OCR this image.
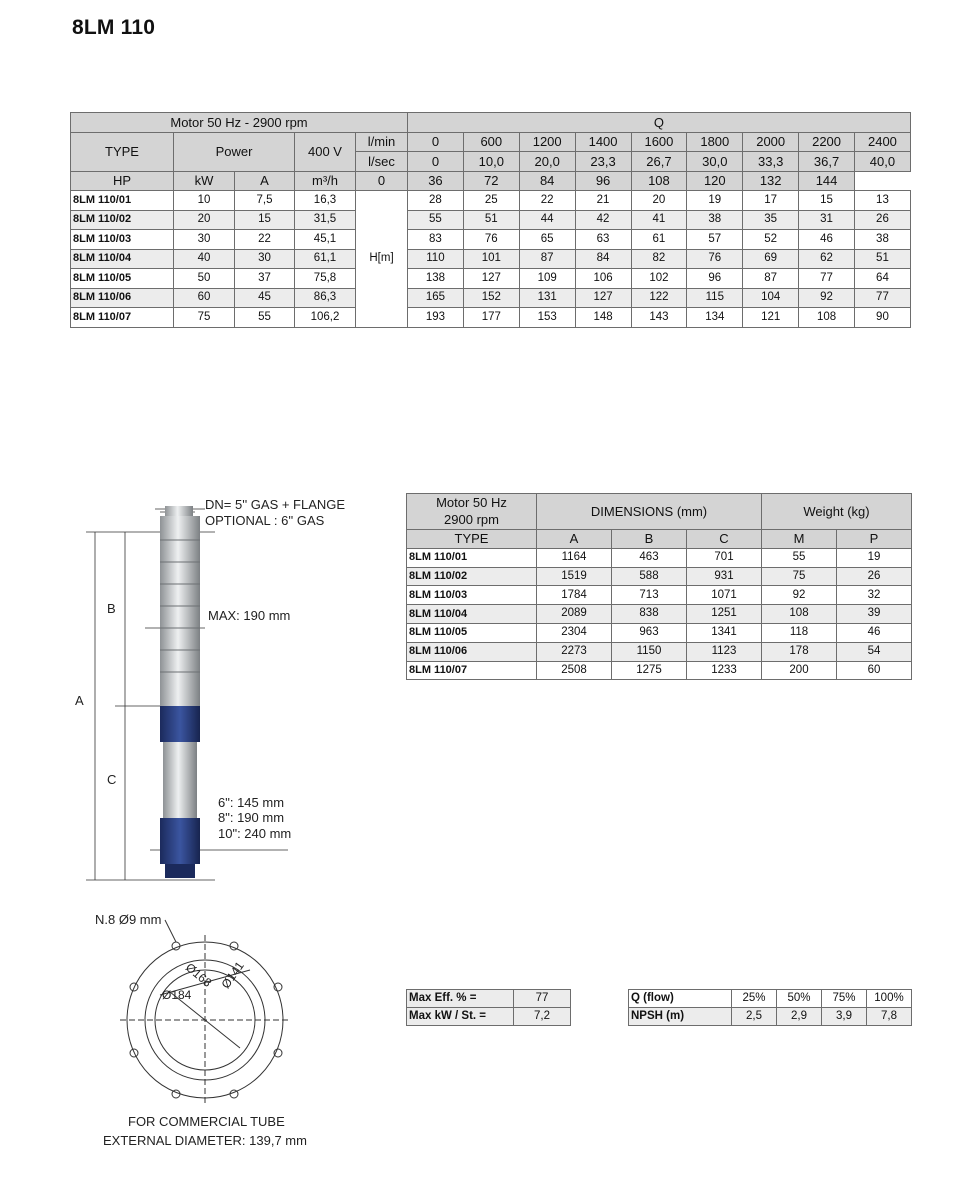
8LM 110
Motor 50 Hz - 2900 rpm					Q								
TYPE	Power		400 V	l/min	0	600	1200	1400	1600	1800	2000	2200	2400
				l/sec	0	10,0	20,0	23,3	26,7	30,0	33,3	36,7	40,0
HP	kW	A	m³/h	0	36	72	84	96	108	120	132	144	
8LM 110/01	10	7,5	16,3	H[m]	28	25	22	21	20	19	17	15	13
8LM 110/02	20	15	31,5		55	51	44	42	41	38	35	31	26
8LM 110/03	30	22	45,1		83	76	65	63	61	57	52	46	38
8LM 110/04	40	30	61,1		110	101	87	84	82	76	69	62	51
8LM 110/05	50	37	75,8		138	127	109	106	102	96	87	77	64
8LM 110/06	60	45	86,3		165	152	131	127	122	115	104	92	77
8LM 110/07	75	55	106,2		193	177	153	148	143	134	121	108	90
DN= 5'' GAS + FLANGE
OPTIONAL : 6'' GAS
MAX: 190 mm
A
B
C
6": 145 mm
8": 190 mm
10": 240 mm
N.8 Ø9 mm
Ø184
Ø168 Ø141
FOR COMMERCIAL TUBE
EXTERNAL DIAMETER: 139,7 mm
Motor 50 Hz
2900 rpm	DIMENSIONS (mm)			Weight (kg)	
TYPE	A	B	C	M	P
8LM 110/01	1164	463	701	55	19
8LM 110/02	1519	588	931	75	26
8LM 110/03	1784	713	1071	92	32
8LM 110/04	2089	838	1251	108	39
8LM 110/05	2304	963	1341	118	46
8LM 110/06	2273	1150	1123	178	54
8LM 110/07	2508	1275	1233	200	60
Max Eff. % =	77
Max kW / St. =	7,2
Q (flow)	25%	50%	75%	100%
NPSH (m)	2,5	2,9	3,9	7,8
